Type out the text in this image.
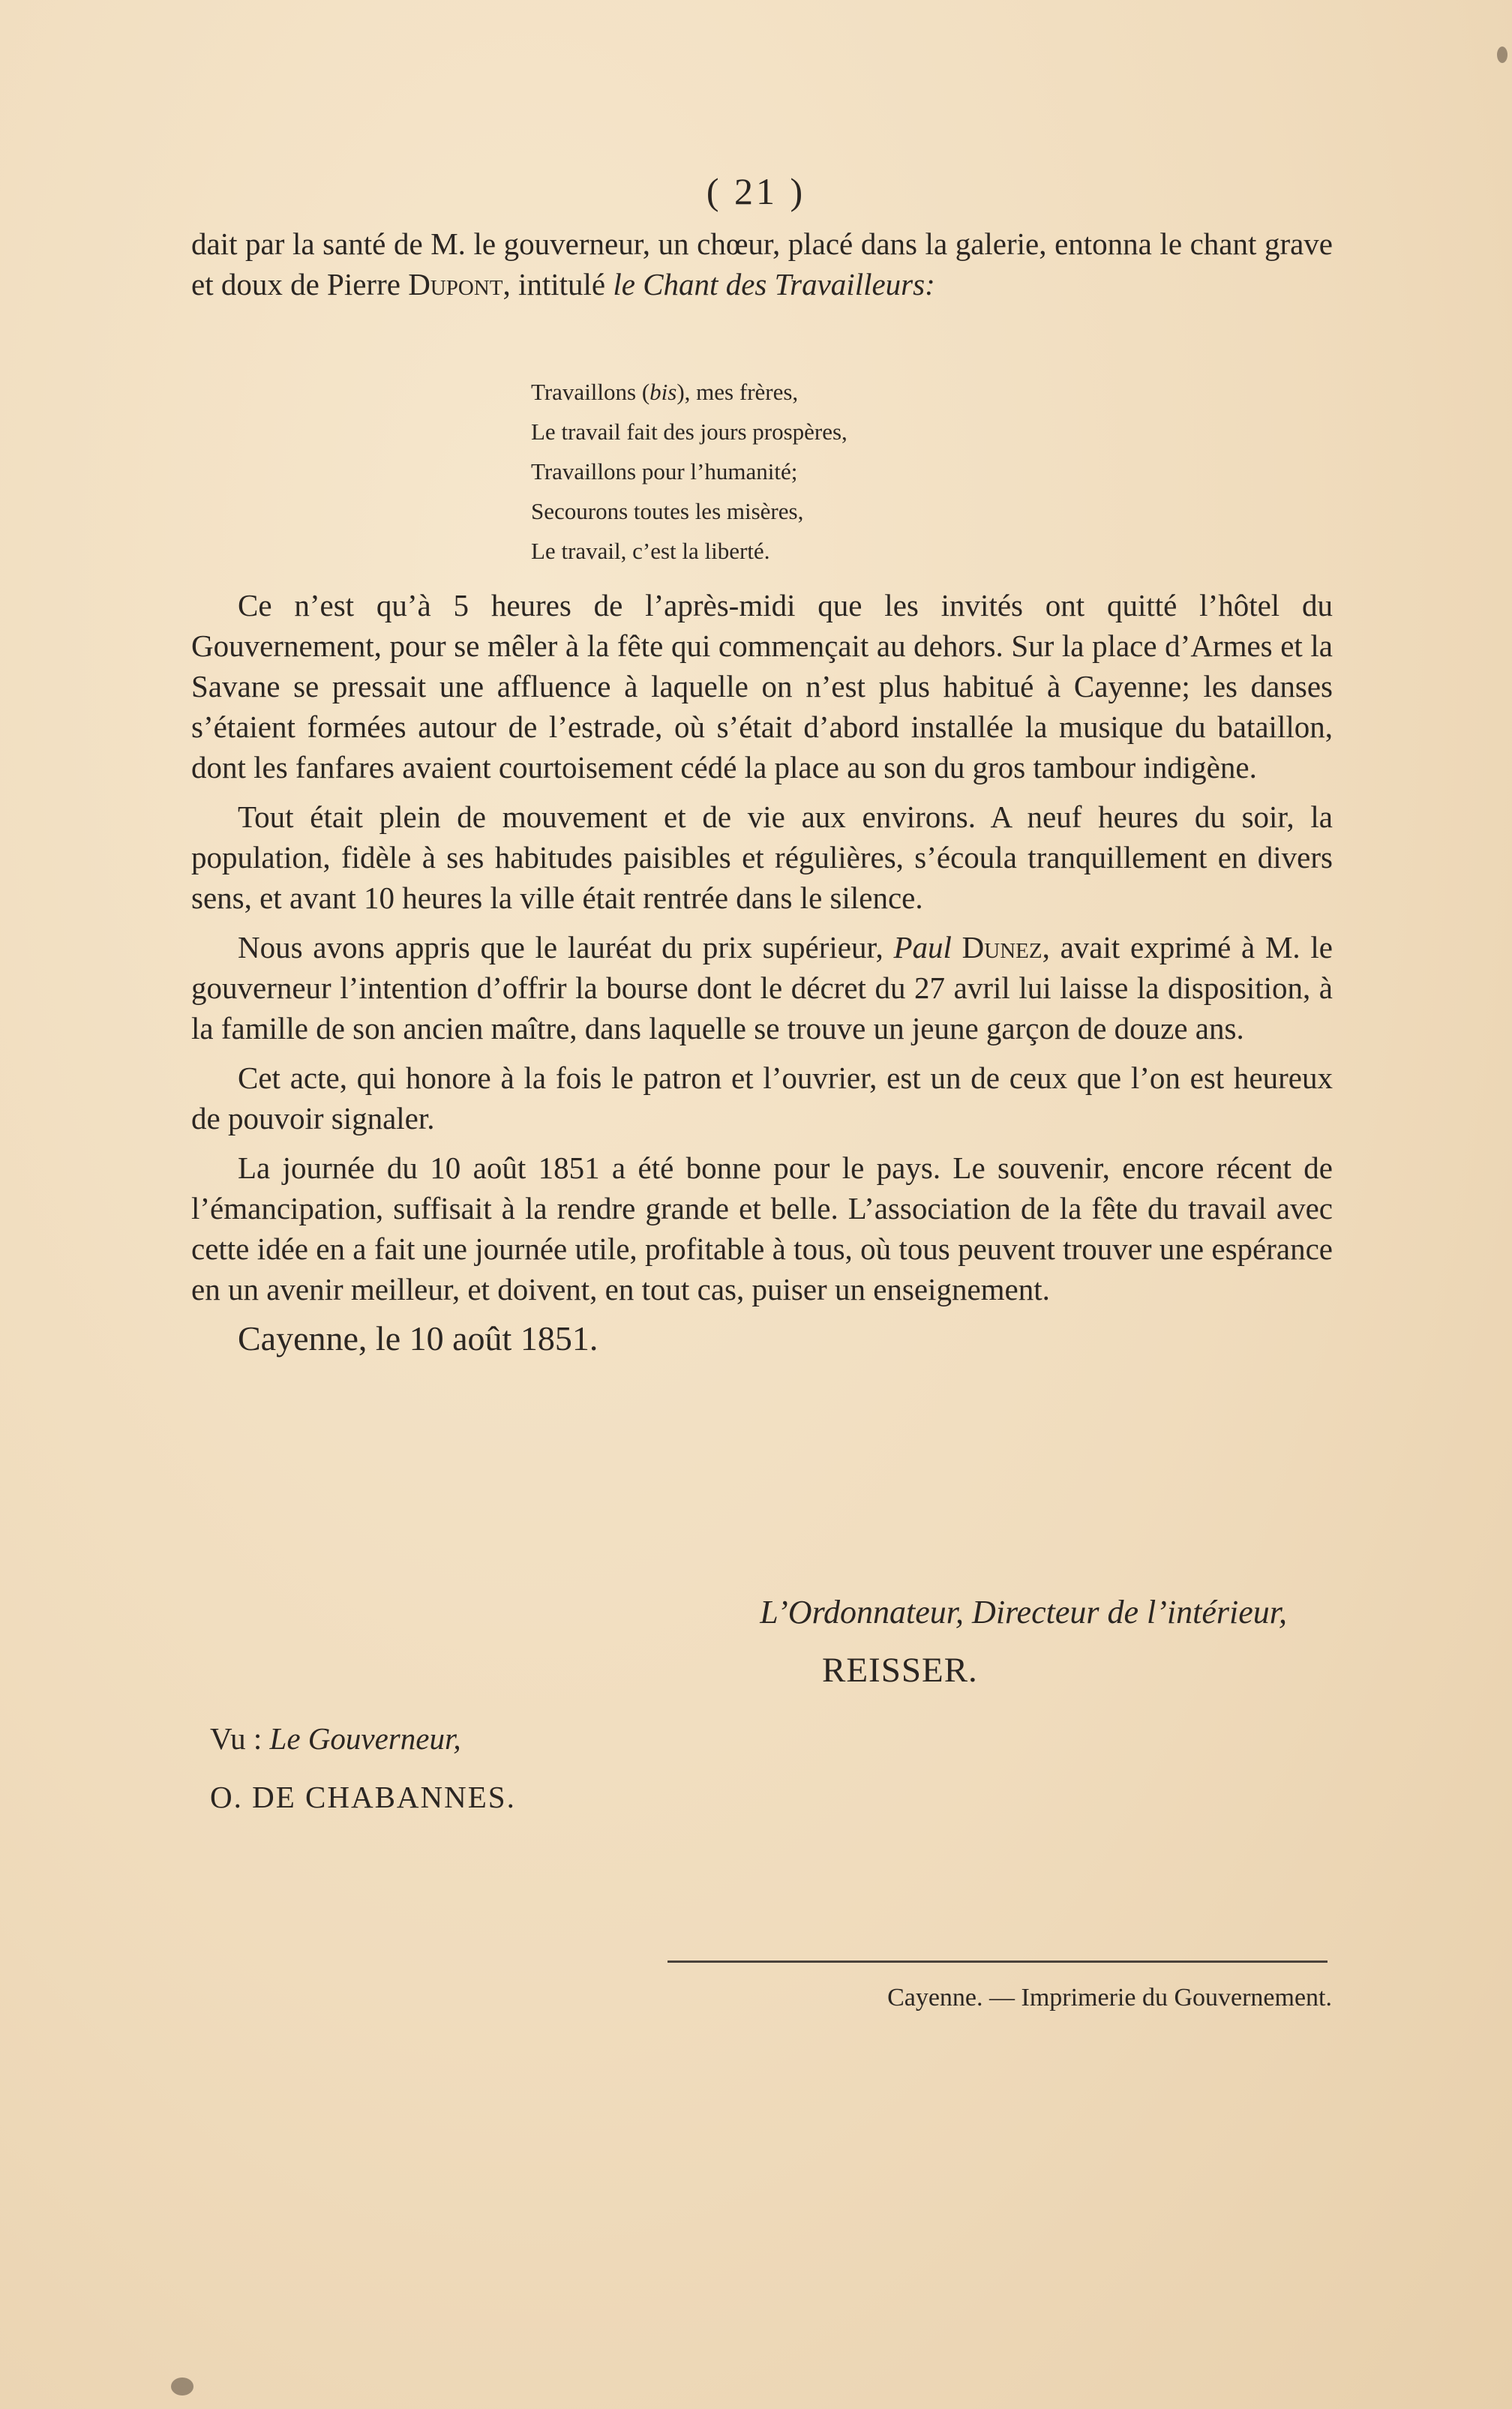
( 21 )

dait par la santé de M. le gouverneur, un chœur, placé dans la galerie, entonna le chant grave et doux de Pierre Dupont, intitulé le Chant des Travailleurs:

Travaillons (bis), mes frères,
Le travail fait des jours prospères,
Travaillons pour l’humanité;
Secourons toutes les misères,
Le travail, c’est la liberté.

Ce n’est qu’à 5 heures de l’après-midi que les invités ont quitté l’hôtel du Gouvernement, pour se mêler à la fête qui commençait au dehors. Sur la place d’Armes et la Savane se pressait une affluence à laquelle on n’est plus habitué à Cayenne; les danses s’étaient formées autour de l’estrade, où s’était d’abord installée la musique du bataillon, dont les fanfares avaient courtoisement cédé la place au son du gros tambour indigène.

Tout était plein de mouvement et de vie aux environs. A neuf heures du soir, la population, fidèle à ses habitudes paisibles et régulières, s’écoula tranquillement en divers sens, et avant 10 heures la ville était rentrée dans le silence.

Nous avons appris que le lauréat du prix supérieur, Paul Dunez, avait exprimé à M. le gouverneur l’intention d’offrir la bourse dont le décret du 27 avril lui laisse la disposition, à la famille de son ancien maître, dans laquelle se trouve un jeune garçon de douze ans.

Cet acte, qui honore à la fois le patron et l’ouvrier, est un de ceux que l’on est heureux de pouvoir signaler.

La journée du 10 août 1851 a été bonne pour le pays. Le souvenir, encore récent de l’émancipation, suffisait à la rendre grande et belle. L’association de la fête du travail avec cette idée en a fait une journée utile, profitable à tous, où tous peuvent trouver une espérance en un avenir meilleur, et doivent, en tout cas, puiser un enseignement.

Cayenne, le 10 août 1851.

L’Ordonnateur, Directeur de l’intérieur,
REISSER.
Vu : Le Gouverneur,
O. DE CHABANNES.
Cayenne. — Imprimerie du Gouvernement.
